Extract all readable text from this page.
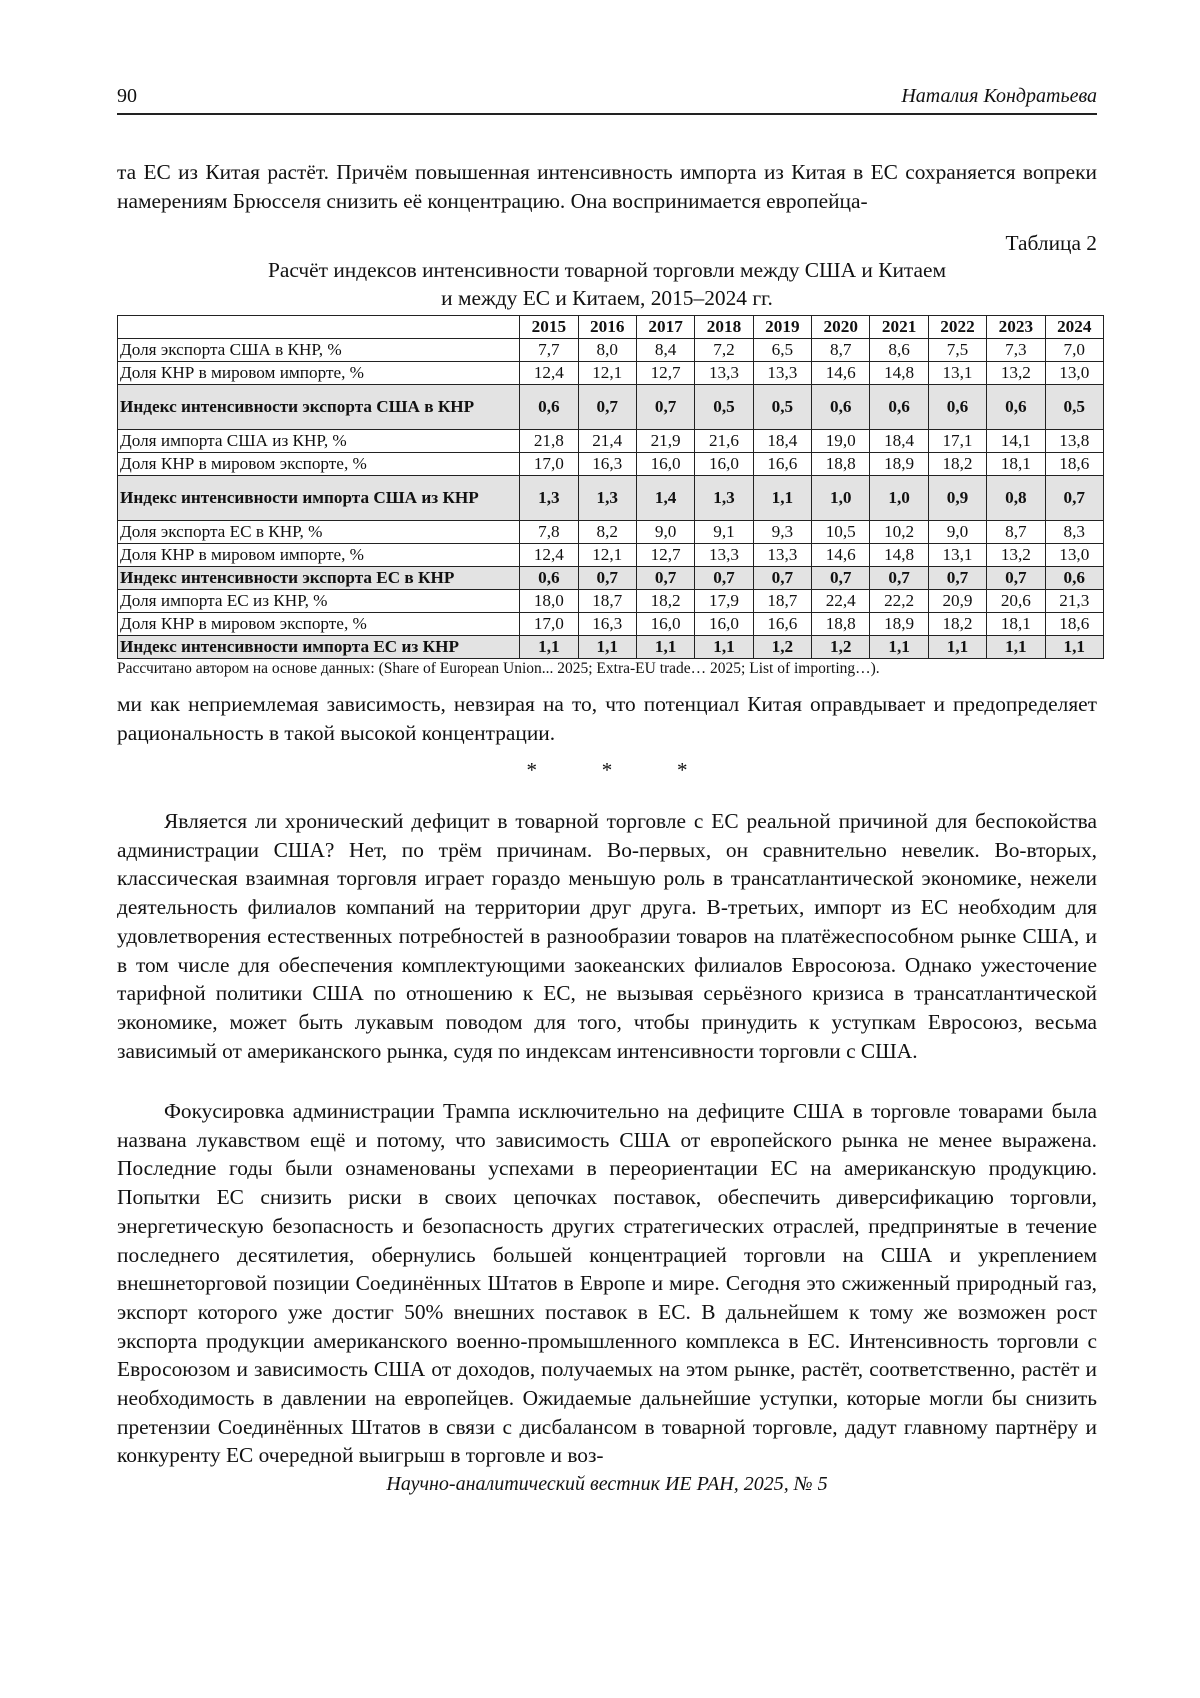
90	Наталия Кондратьева

та ЕС из Китая растёт. Причём повышенная интенсивность импорта из Китая в ЕС сохраняется вопреки намерениям Брюсселя снизить её концентрацию. Она воспринимается европейца-

Таблица 2
Расчёт индексов интенсивности товарной торговли между США и Китаем
и между ЕС и Китаем, 2015–2024 гг.
	2015	2016	2017	2018	2019	2020	2021	2022	2023	2024
Доля экспорта США в КНР, %	7,7	8,0	8,4	7,2	6,5	8,7	8,6	7,5	7,3	7,0
Доля КНР в мировом импорте, %	12,4	12,1	12,7	13,3	13,3	14,6	14,8	13,1	13,2	13,0
Индекс интенсивности экспорта США в КНР	0,6	0,7	0,7	0,5	0,5	0,6	0,6	0,6	0,6	0,5
Доля импорта США из КНР, %	21,8	21,4	21,9	21,6	18,4	19,0	18,4	17,1	14,1	13,8
Доля КНР в мировом экспорте, %	17,0	16,3	16,0	16,0	16,6	18,8	18,9	18,2	18,1	18,6
Индекс интенсивности импорта США из КНР	1,3	1,3	1,4	1,3	1,1	1,0	1,0	0,9	0,8	0,7
Доля экспорта ЕС в КНР, %	7,8	8,2	9,0	9,1	9,3	10,5	10,2	9,0	8,7	8,3
Доля КНР в мировом импорте, %	12,4	12,1	12,7	13,3	13,3	14,6	14,8	13,1	13,2	13,0
Индекс интенсивности экспорта ЕС в КНР	0,6	0,7	0,7	0,7	0,7	0,7	0,7	0,7	0,7	0,6
Доля импорта ЕС из КНР, %	18,0	18,7	18,2	17,9	18,7	22,4	22,2	20,9	20,6	21,3
Доля КНР в мировом экспорте, %	17,0	16,3	16,0	16,0	16,6	18,8	18,9	18,2	18,1	18,6
Индекс интенсивности импорта ЕС из КНР	1,1	1,1	1,1	1,1	1,2	1,2	1,1	1,1	1,1	1,1
Рассчитано автором на основе данных: (Share of European Union... 2025; Extra-EU trade… 2025; List of importing…).

ми как неприемлемая зависимость, невзирая на то, что потенциал Китая оправдывает и предопределяет рациональность в такой высокой концентрации.

*	*	*

Является ли хронический дефицит в товарной торговле с ЕС реальной причиной для беспокойства администрации США? Нет, по трём причинам. Во-первых, он сравнительно невелик. Во-вторых, классическая взаимная торговля играет гораздо меньшую роль в трансатлантической экономике, нежели деятельность филиалов компаний на территории друг друга. В-третьих, импорт из ЕС необходим для удовлетворения естественных потребностей в разнообразии товаров на платёжеспособном рынке США, и в том числе для обеспечения комплектующими заокеанских филиалов Евросоюза. Однако ужесточение тарифной политики США по отношению к ЕС, не вызывая серьёзного кризиса в трансатлантической экономике, может быть лукавым поводом для того, чтобы принудить к уступкам Евросоюз, весьма зависимый от американского рынка, судя по индексам интенсивности торговли с США.

Фокусировка администрации Трампа исключительно на дефиците США в торговле товарами была названа лукавством ещё и потому, что зависимость США от европейского рынка не менее выражена. Последние годы были ознаменованы успехами в переориентации ЕС на американскую продукцию. Попытки ЕС снизить риски в своих цепочках поставок, обеспечить диверсификацию торговли, энергетическую безопасность и безопасность других стратегических отраслей, предпринятые в течение последнего десятилетия, обернулись большей концентрацией торговли на США и укреплением внешнеторговой позиции Соединённых Штатов в Европе и мире. Сегодня это сжиженный природный газ, экспорт которого уже достиг 50% внешних поставок в ЕС. В дальнейшем к тому же возможен рост экспорта продукции американского военно-промышленного комплекса в ЕС. Интенсивность торговли с Евросоюзом и зависимость США от доходов, получаемых на этом рынке, растёт, соответственно, растёт и необходимость в давлении на европейцев. Ожидаемые дальнейшие уступки, которые могли бы снизить претензии Соединённых Штатов в связи с дисбалансом в товарной торговле, дадут главному партнёру и конкуренту ЕС очередной выигрыш в торговле и воз-

Научно-аналитический вестник ИЕ РАН, 2025, № 5
